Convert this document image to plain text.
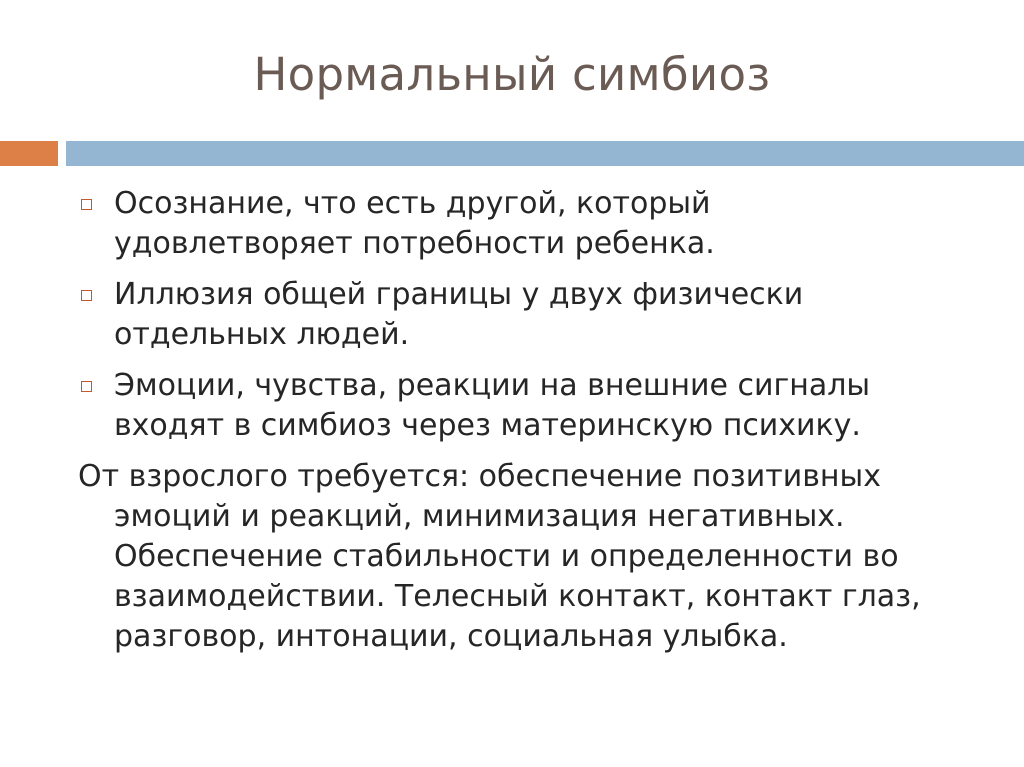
Нормальный симбиоз
Осознание, что есть другой, который удовлетворяет потребности ребенка.
Иллюзия общей границы у двух физически отдельных людей.
Эмоции, чувства, реакции на внешние сигналы входят в симбиоз через материнскую психику.
От взрослого требуется: обеспечение позитивных эмоций и реакций, минимизация негативных. Обеспечение стабильности и определенности во взаимодействии. Телесный контакт, контакт глаз, разговор, интонации, социальная улыбка.
